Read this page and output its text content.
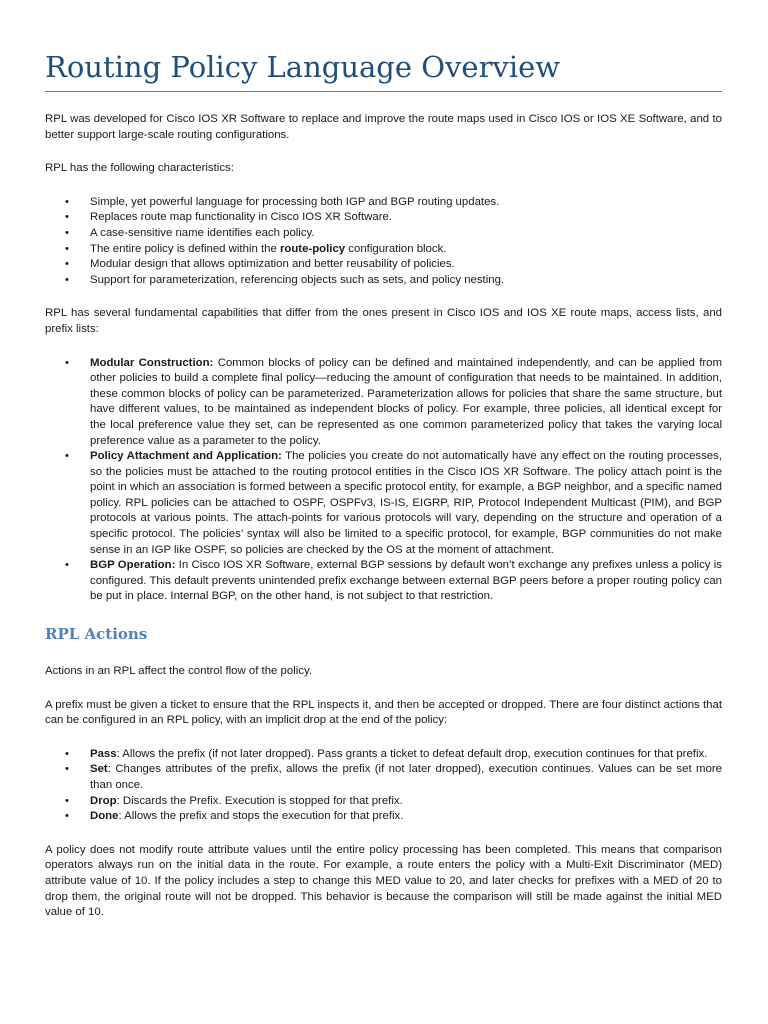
Routing Policy Language Overview

RPL was developed for Cisco IOS XR Software to replace and improve the route maps used in Cisco IOS or IOS XE Software, and to better support large-scale routing configurations.

RPL has the following characteristics:

•	Simple, yet powerful language for processing both IGP and BGP routing updates.
•	Replaces route map functionality in Cisco IOS XR Software.
•	A case-sensitive name identifies each policy.
•	The entire policy is defined within the route-policy configuration block.
•	Modular design that allows optimization and better reusability of policies.
•	Support for parameterization, referencing objects such as sets, and policy nesting.

RPL has several fundamental capabilities that differ from the ones present in Cisco IOS and IOS XE route maps, access lists, and prefix lists:

•	Modular Construction: Common blocks of policy can be defined and maintained independently, and can be applied from other policies to build a complete final policy—reducing the amount of configuration that needs to be maintained. In addition, these common blocks of policy can be parameterized. Parameterization allows for policies that share the same structure, but have different values, to be maintained as independent blocks of policy. For example, three policies, all identical except for the local preference value they set, can be represented as one common parameterized policy that takes the varying local preference value as a parameter to the policy.
•	Policy Attachment and Application: The policies you create do not automatically have any effect on the routing processes, so the policies must be attached to the routing protocol entities in the Cisco IOS XR Software. The policy attach point is the point in which an association is formed between a specific protocol entity, for example, a BGP neighbor, and a specific named policy. RPL policies can be attached to OSPF, OSPFv3, IS-IS, EIGRP, RIP, Protocol Independent Multicast (PIM), and BGP protocols at various points. The attach-points for various protocols will vary, depending on the structure and operation of a specific protocol. The policies’ syntax will also be limited to a specific protocol, for example, BGP communities do not make sense in an IGP like OSPF, so policies are checked by the OS at the moment of attachment.
•	BGP Operation: In Cisco IOS XR Software, external BGP sessions by default won’t exchange any prefixes unless a policy is configured. This default prevents unintended prefix exchange between external BGP peers before a proper routing policy can be put in place. Internal BGP, on the other hand, is not subject to that restriction.
RPL Actions

Actions in an RPL affect the control flow of the policy.

A prefix must be given a ticket to ensure that the RPL inspects it, and then be accepted or dropped. There are four distinct actions that can be configured in an RPL policy, with an implicit drop at the end of the policy:

•	Pass: Allows the prefix (if not later dropped). Pass grants a ticket to defeat default drop, execution continues for that prefix.
•	Set: Changes attributes of the prefix, allows the prefix (if not later dropped), execution continues. Values can be set more than once.
•	Drop: Discards the Prefix. Execution is stopped for that prefix.
•	Done: Allows the prefix and stops the execution for that prefix.

A policy does not modify route attribute values until the entire policy processing has been completed. This means that comparison operators always run on the initial data in the route. For example, a route enters the policy with a Multi-Exit Discriminator (MED) attribute value of 10. If the policy includes a step to change this MED value to 20, and later checks for prefixes with a MED of 20 to drop them, the original route will not be dropped. This behavior is because the comparison will still be made against the initial MED value of 10.
